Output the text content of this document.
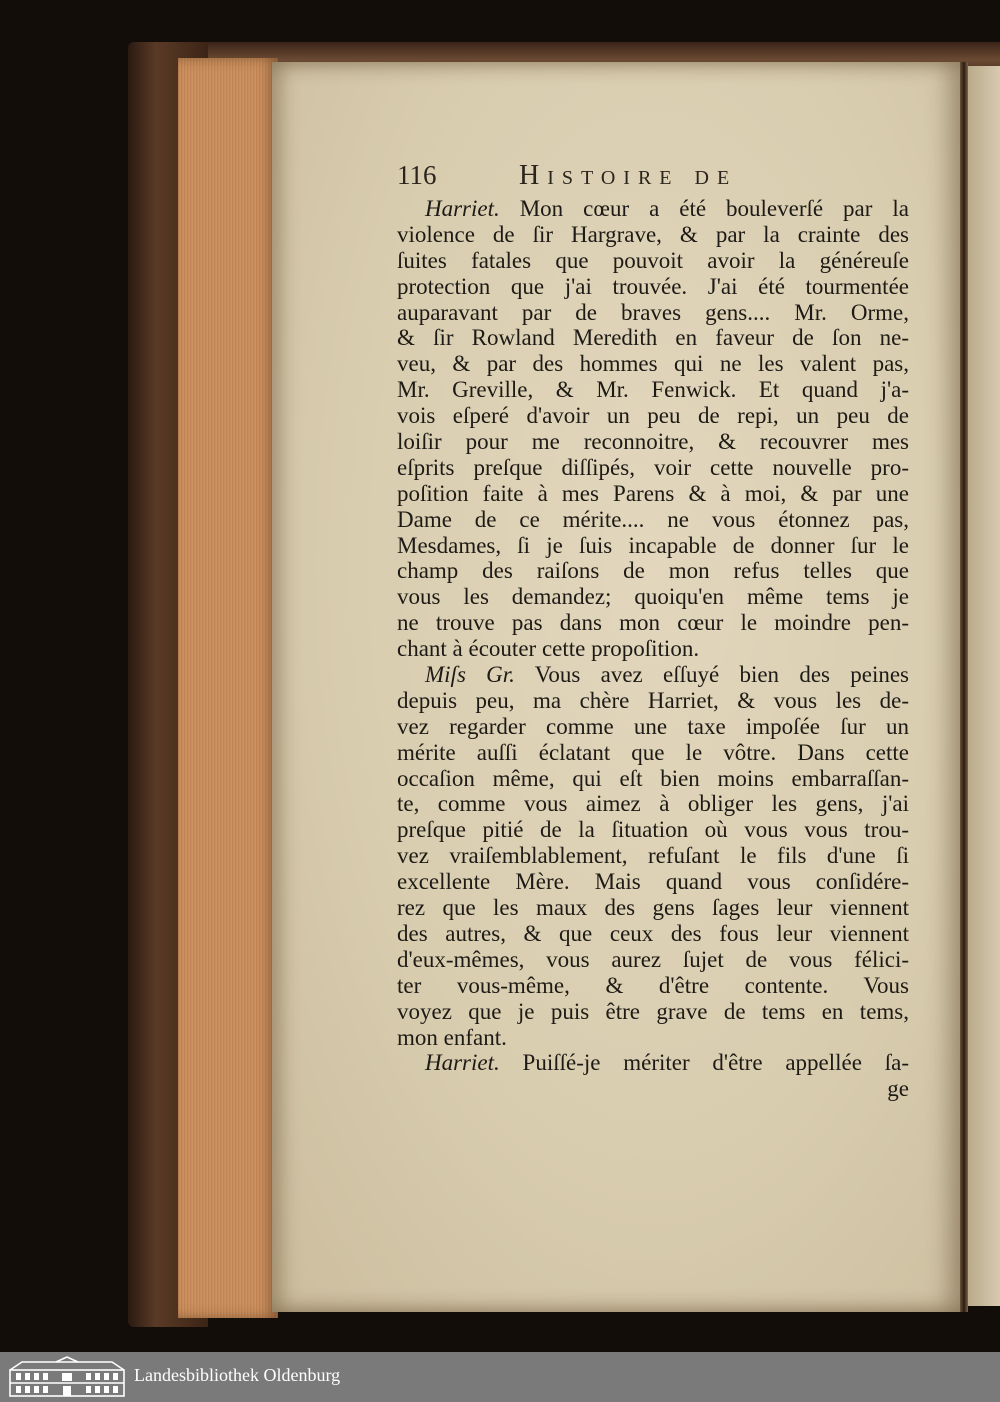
116	Histoire de
Harriet. Mon cœur a été bouleverſé par la
violence de ſir Hargrave, & par la crainte des
ſuites fatales que pouvoit avoir la généreuſe
protection que j'ai trouvée. J'ai été tourmentée
auparavant par de braves gens.... Mr. Orme,
& ſir Rowland Meredith en faveur de ſon ne-
veu, & par des hommes qui ne les valent pas,
Mr. Greville, & Mr. Fenwick. Et quand j'a-
vois eſperé d'avoir un peu de repi, un peu de
loiſir pour me reconnoitre, & recouvrer mes
eſprits preſque diſſipés, voir cette nouvelle pro-
poſition faite à mes Parens & à moi, & par une
Dame de ce mérite.... ne vous étonnez pas,
Mesdames, ſi je ſuis incapable de donner ſur le
champ des raiſons de mon refus telles que
vous les demandez; quoiqu'en même tems je
ne trouve pas dans mon cœur le moindre pen-
chant à écouter cette propoſition.
Miſs Gr. Vous avez eſſuyé bien des peines
depuis peu, ma chère Harriet, & vous les de-
vez regarder comme une taxe impoſée ſur un
mérite auſſi éclatant que le vôtre. Dans cette
occaſion même, qui eſt bien moins embarraſſan-
te, comme vous aimez à obliger les gens, j'ai
preſque pitié de la ſituation où vous vous trou-
vez vraiſemblablement, refuſant le fils d'une ſi
excellente Mère. Mais quand vous conſidére-
rez que les maux des gens ſages leur viennent
des autres, & que ceux des fous leur viennent
d'eux-mêmes, vous aurez ſujet de vous félici-
ter vous-même, & d'être contente. Vous
voyez que je puis être grave de tems en tems,
mon enfant.
Harriet. Puiſſé-je mériter d'être appellée ſa-
ge
Landesbibliothek Oldenburg
